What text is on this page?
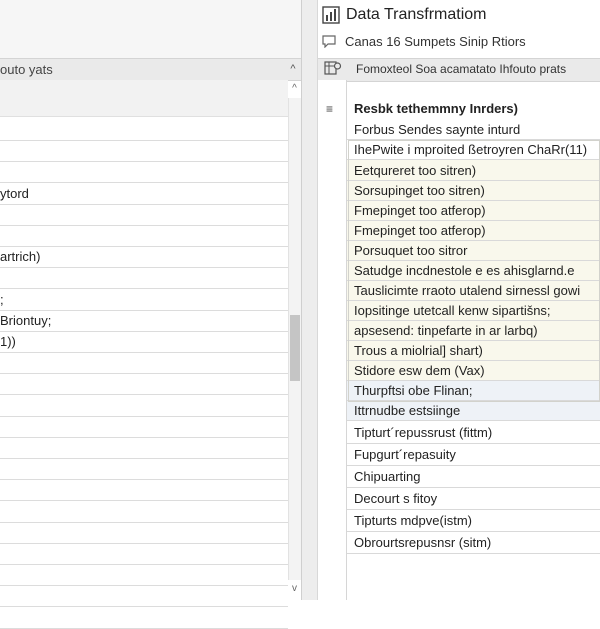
outo yats	^
ytord
artrich)
;
Briontuy;
1))
^
v
Data Transfrmatiom
Canas 16 Sumpets Sinip Rtiors
Fomoxteol Soa acamatato Ihfouto prats
≡ Resbk tethemmny Inrders)
Forbus Sendes saynte inturd
IhePwite i mproited ßetroyren ChaRr(11)
Eetqureret too sitren)
Sorsupinget too sitren)
Fmepinget too atferop)
Fmepinget too atferop)
Porsuquet too sitror
Satudge incdnestole e es ahisglarnd.e
Tauslicimte rraoto utalend sirnessl gowi
Iopsitinge utetcall kenw sipartišns;
apsesend: tinpefarte in ar larbq)
Trous a miolrial] shart)
Stidore esw dem (Vax)
Thurpftsi obe Flinan;
Ittrnudbe estsiinge
Tipturt´repussrust (fittm)
Fupgurt´repasuity
Chipuarting
Decourt s fitoy
Tipturts mdpve(istm)
Obrourtsrepusnsr (sitm)
